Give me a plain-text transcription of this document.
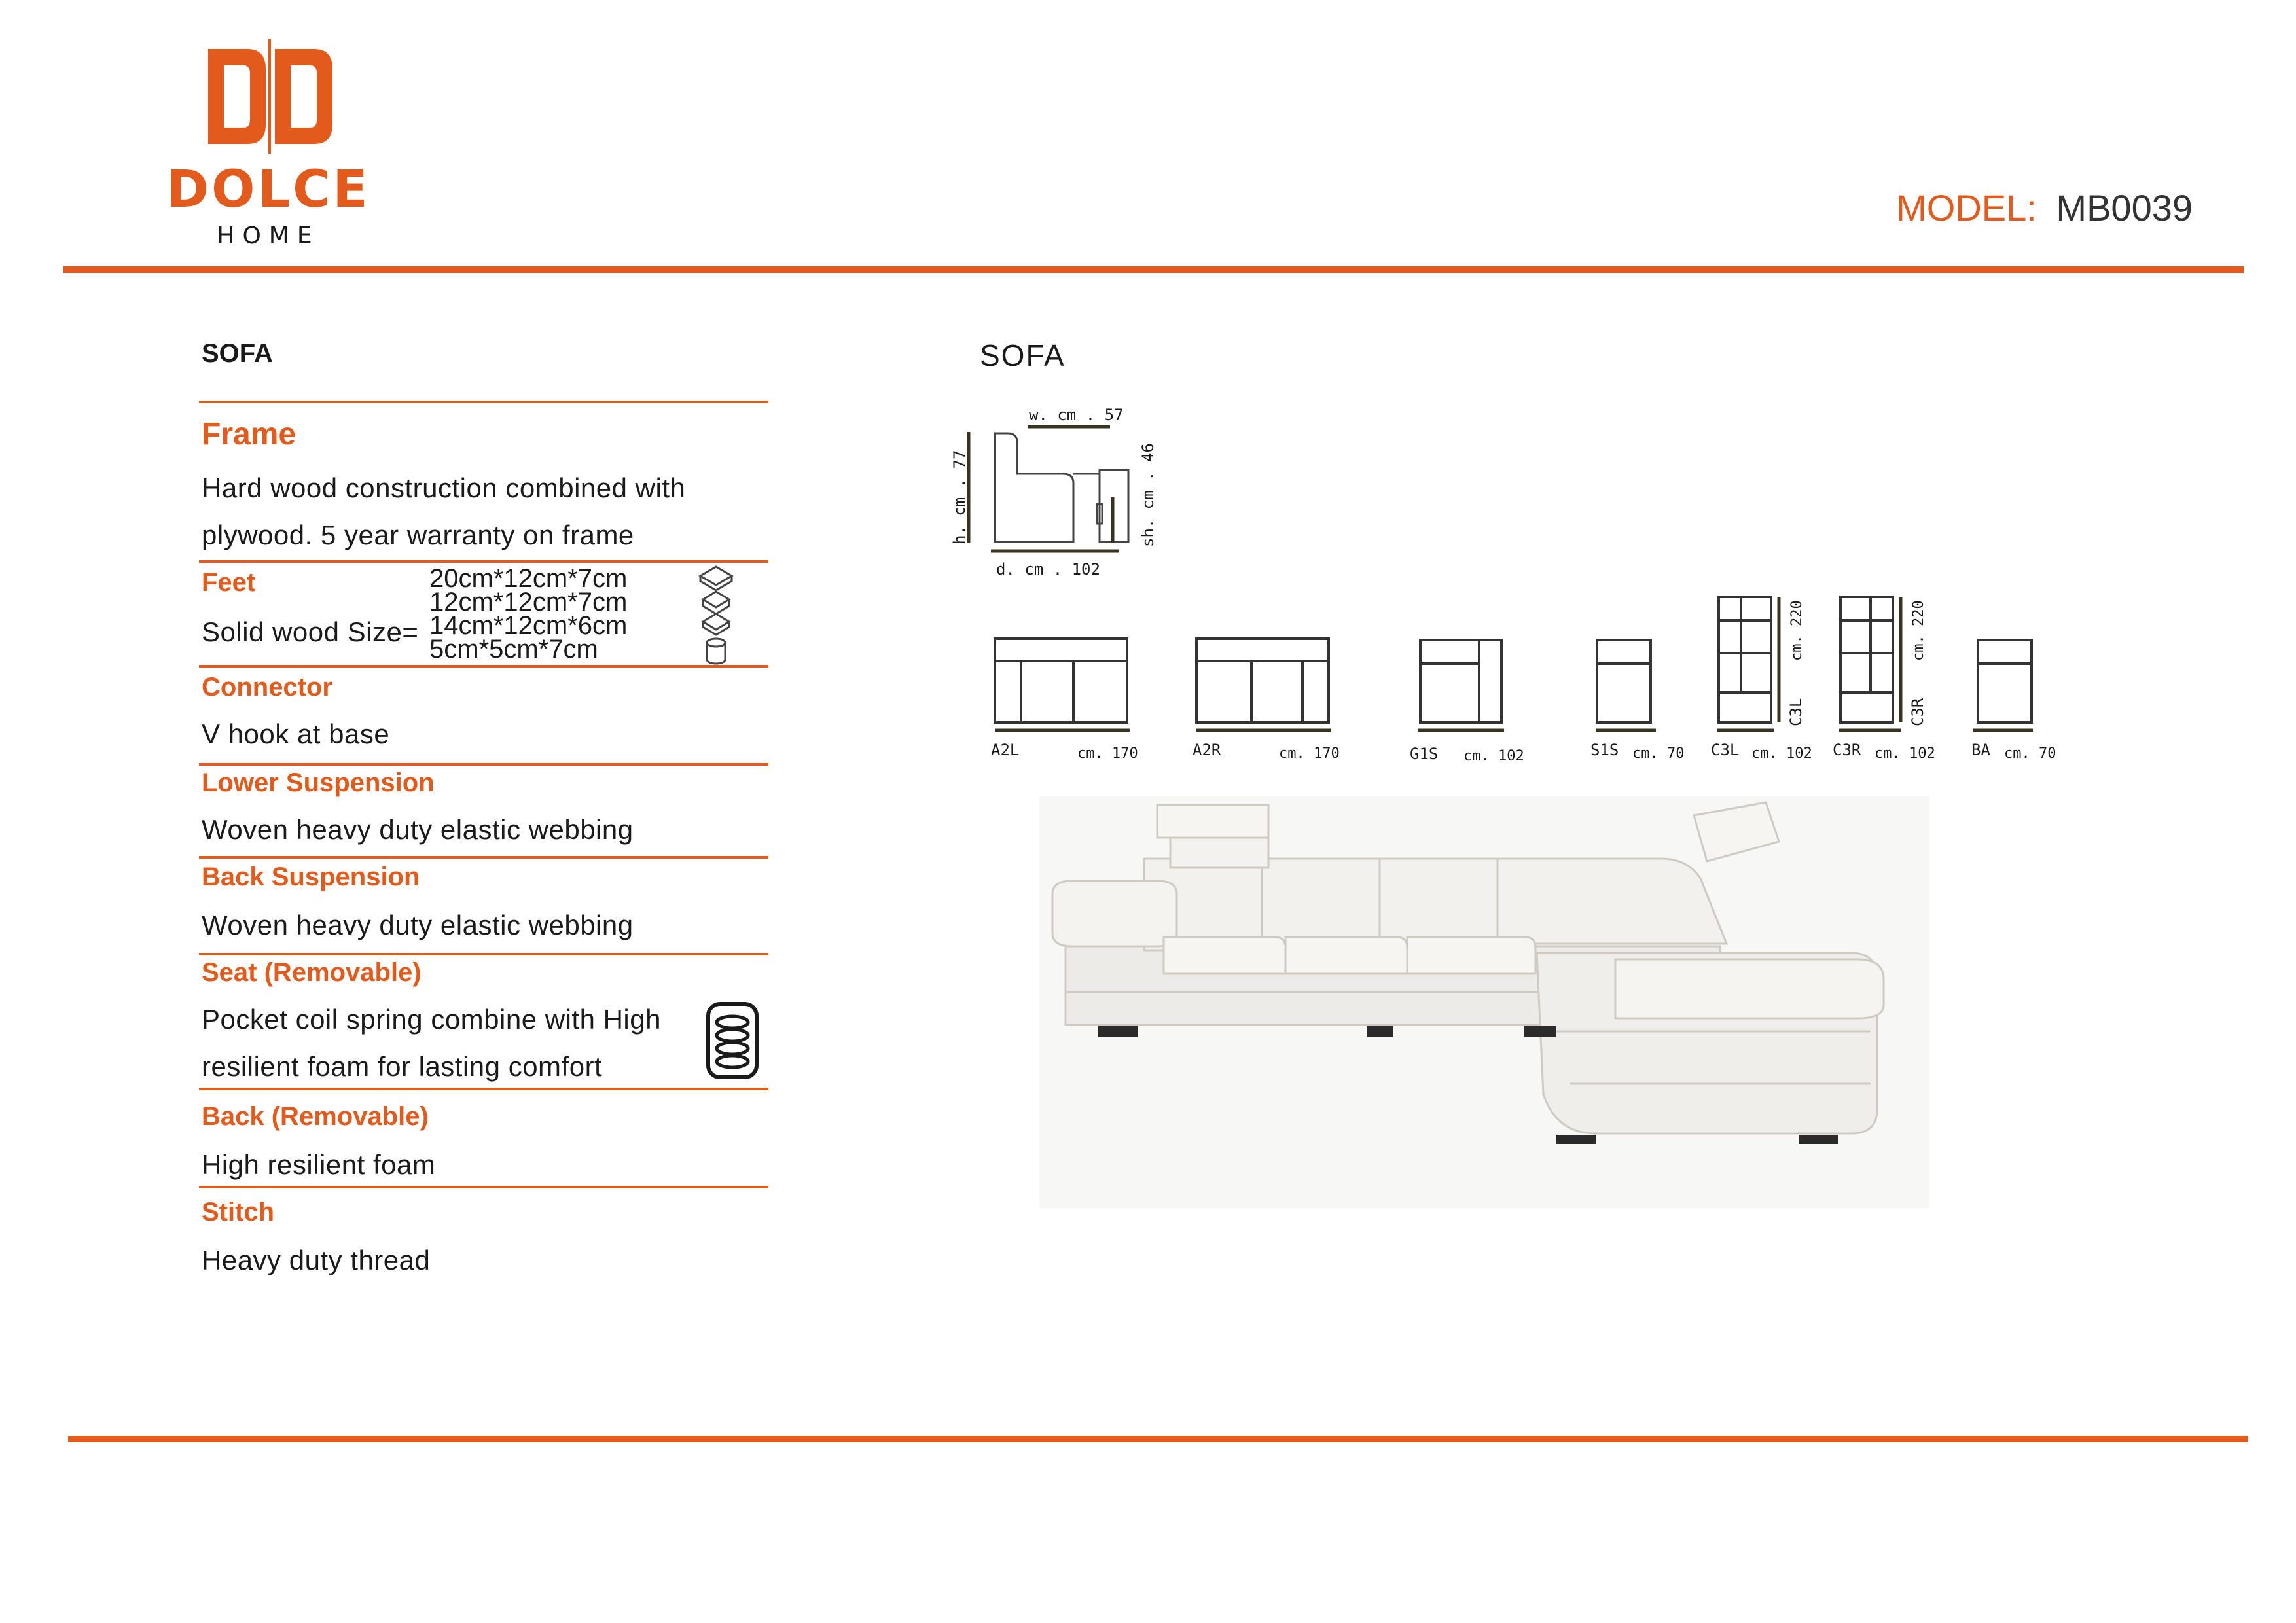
DOLCE
HOME
MODEL: MB0039
SOFA
Frame
Hard wood construction combined with
plywood. 5 year warranty on frame
Feet
Solid wood Size=
20cm*12cm*7cm
12cm*12cm*7cm
14cm*12cm*6cm
5cm*5cm*7cm
Connector
V hook at base
Lower Suspension
Woven heavy duty elastic webbing
Back Suspension
Woven heavy duty elastic webbing
Seat (Removable)
Pocket coil spring combine with High
resilient foam for lasting comfort
Back (Removable)
High resilient foam
Stitch
Heavy duty thread
SOFA
w. cm . 57
h. cm . 77	sh. cm . 46
d. cm . 102
A2L	cm. 170	A2R	cm. 170	G1S cm. 102	S1S cm. 70 C3L cm. 102 C3R cm. 102 BA cm. 70
cm. 220
C3L
cm. 220
C3R
